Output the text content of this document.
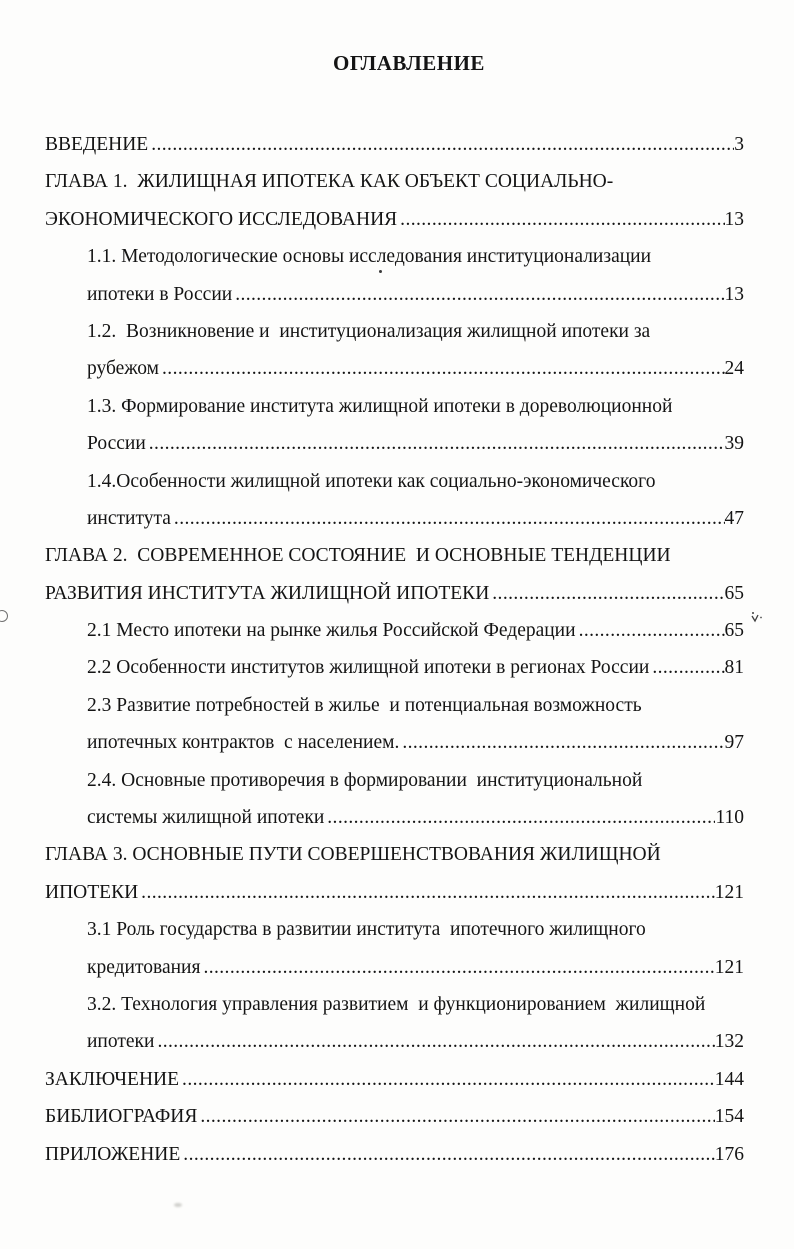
ОГЛАВЛЕНИЕ
ВВЕДЕНИЕ .....	3
ГЛАВА 1.  ЖИЛИЩНАЯ ИПОТЕКА КАК ОБЪЕКТ СОЦИАЛЬНО-
ЭКОНОМИЧЕСКОГО ИССЛЕДОВАНИЯ .....	13
1.1. Методологические основы исследования институционализации
ипотеки в России .....	13
1.2.  Возникновение и  институционализация жилищной ипотеки за
рубежом .....	24
1.3. Формирование института жилищной ипотеки в дореволюционной
России .....	39
1.4.Особенности жилищной ипотеки как социально-экономического
института .....	47
ГЛАВА 2.  СОВРЕМЕННОЕ СОСТОЯНИЕ  И ОСНОВНЫЕ ТЕНДЕНЦИИ
РАЗВИТИЯ ИНСТИТУТА ЖИЛИЩНОЙ ИПОТЕКИ .....	65
2.1 Место ипотеки на рынке жилья Российской Федерации .....	65
2.2 Особенности институтов жилищной ипотеки в регионах России .....	81
2.3 Развитие потребностей в жилье  и потенциальная возможность
ипотечных контрактов  с населением. .....	97
2.4. Основные противоречия в формировании  институциональной
системы жилищной ипотеки .....	110
ГЛАВА 3. ОСНОВНЫЕ ПУТИ СОВЕРШЕНСТВОВАНИЯ ЖИЛИЩНОЙ
ИПОТЕКИ .....	121
3.1 Роль государства в развитии института  ипотечного жилищного
кредитования .....	121
3.2. Технология управления развитием  и функционированием  жилищной
ипотеки .....	132
ЗАКЛЮЧЕНИЕ .....	144
БИБЛИОГРАФИЯ .....	154
ПРИЛОЖЕНИЕ .....	176
